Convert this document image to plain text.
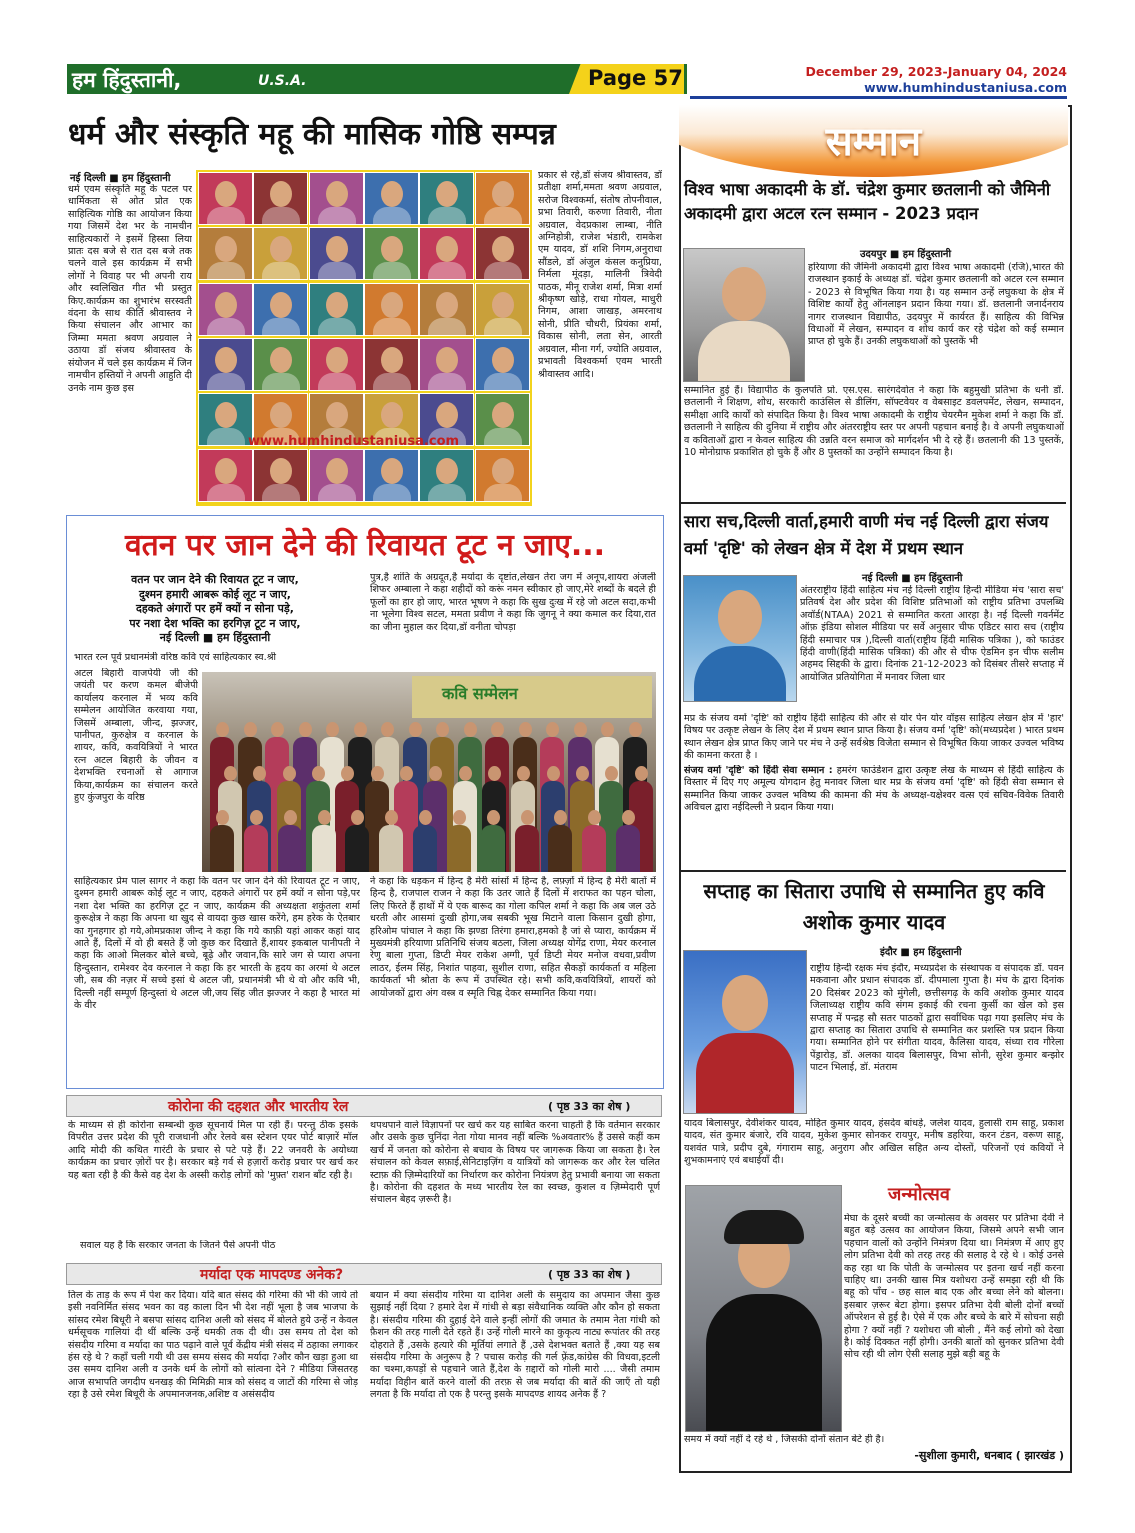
हम हिंदुस्तानी,	U.S.A.	Page 57	December 29, 2023-January 04, 2024
www.humhindustaniusa.com
धर्म और संस्कृति महू की मासिक गोष्ठि सम्पन्न
नई दिल्ली ■ हम हिंदुस्तानी
धर्म एवम संस्कृति महू के पटल पर धार्मिकता से ओत प्रोत एक साहित्यिक गोष्ठि का आयोजन किया गया जिसमें देश भर के नामचीन साहित्यकारों ने इसमें हिस्सा लिया प्रातः दस बजे से रात दस बजे तक चलने वाले इस कार्यक्रम में सभी लोगों ने विवाह पर भी अपनी राय और स्वलिखित गीत भी प्रस्तुत किए.कार्यक्रम का शुभारंभ सरस्वती वंदना के साथ कीर्ति श्रीवास्तव ने किया संचालन और आभार का जिम्मा ममता श्रवण अग्रवाल ने उठाया डॉ संजय श्रीवास्तव के संयोजन में चले इस कार्यक्रम में जिन नामचीन हस्तियों ने अपनी आहुति दी उनके नाम कुछ इस
www.humhindustaniusa.com
प्रकार से रहे,डॉ संजय श्रीवास्तव, डॉ प्रतीक्षा शर्मा,ममता श्रवण अग्रवाल, सरोज विश्वकर्मा, संतोष तोपनीवाल, प्रभा तिवारी, करुणा तिवारी, नीता अग्रवाल, वेदप्रकाश लाम्बा, नीति अग्निहोत्री, राजेश भंडारी, रामकेश एम यादव, डॉ शशि निगम,अनुराधा सौंडले, डॉ अंजुल कंसल कनुप्रिया, निर्मला मूंदड़ा, मालिनी त्रिवेदी पाठक, मीनू राजेश शर्मा, मित्रा शर्मा श्रीकृष्ण खोड़े, राधा गोयल, माधुरी निगम, आशा जाखड़, अमरनाथ सोनी, प्रीति चौधरी, प्रियंका शर्मा, विकास सोनी, लता सेन, आरती अग्रवाल, मीना गर्ग, ज्योति अग्रवाल, प्रभावती विश्वकर्मा एवम भारती श्रीवास्तव आदि।
वतन पर जान देने की रिवायत टूट न जाए...
वतन पर जान देने की रिवायत टूट न जाए,
दुश्मन हमारी आबरू कोई लूट न जाए,
दहकते अंगारों पर हमें क्यों न सोना पड़े,
पर नशा देश भक्ति का हरगिज़ टूट न जाए,
नई दिल्ली ■ हम हिंदुस्तानी
भारत रत्न पूर्व प्रधानमंत्री वरिष्ठ कवि एवं साहित्यकार स्व.श्री
पुत्र,है शांति के अग्रदूत,है मर्यादा के दृष्टांत,लेखन तेरा जग में अनूप,शायरा अंजली शिफर अम्बाला ने कहा शहीदों को करूं नमन स्वीकार हो जाए,मेरे शब्दों के बदले ही फूलों का हार हो जाए, भारत भूषण ने कहा कि सुख दुःख में रहे जो अटल सदा,कभी ना भूलेगा विश्व सटल, ममता प्रवीण ने कहा कि जुगनू ने क्या कमाल कर दिया,रात का जीना मुहाल कर दिया,डॉ वनीता चोपड़ा
अटल बिहारी वाजपेयी जी की जयंती पर करण कमल बीजेपी कार्यालय करनाल में भव्य कवि सम्मेलन आयोजित करवाया गया, जिसमें अम्बाला, जीन्द, झज्जर, पानीपत, कुरुक्षेत्र व करनाल के शायर, कवि, कवयित्रियों ने भारत रत्न अटल बिहारी के जीवन व देशभक्ति रचनाओं से आगाज किया,कार्यक्रम का संचालन करते हुए कुंजपुरा के वरिष्ठ
कवि सम्मेलन
साहित्यकार प्रेम पाल सागर ने कहा कि वतन पर जान देने की रिवायत टूट न जाए, दुश्मन हमारी आबरू कोई लूट न जाए, दहकते अंगारों पर हमें क्यों न सोना पड़े,पर नशा देश भक्ति का हरगिज़ टूट न जाए, कार्यक्रम की अध्यक्षता शकुंतला शर्मा कुरूक्षेत्र ने कहा कि अपना था खुद से वायदा कुछ खास करेंगे, हम हरेक के ऐतबार का गुनहगार हो गये,ओमप्रकाश जीन्द ने कहा कि गये काफ़ी यहां आकर कहां याद आते हैं, दिलों में वो ही बसते हैं जो कुछ कर दिखाते हैं,शायर इकबाल पानीपती ने कहा कि आओ मिलकर बोले बच्चे, बूढ़े और जवान,कि सारे जग से प्यारा अपना हिन्दुस्तान, रामेश्वर देव करनाल ने कहा कि हर भारती के हृदय का अरमां थे अटल जी, सब की नज़र में सच्चे इसां थे अटल जी, प्रधानमंत्री भी थे वो और कवि भी, दिल्ली नहीं सम्पूर्ण हिन्दुस्तां थे अटल जी,जय सिंह जीत झज्जर ने कहा है भारत मां के वीर
ने कहा कि धड़कन में हिन्द है मेरी सांसों में हिन्द है, लफ़्ज़ों में हिन्द है मेरी बातों में हिन्द है, राजपाल राजन ने कहा कि उतर जाते हैं दिलों में शराफत का पहन चोला, लिए फिरते हैं हाथों में ये एक बारूद का गोला कपिल शर्मा ने कहा कि अब जल उठे धरती और आसमां दुःखी होगा,जब सबकी भूख मिटाने वाला किसान दुखी होगा, हरिओम पांचाल ने कहा कि झण्डा तिरंगा हमारा,हमको है जां से प्यारा, कार्यक्रम में मुख्यमंत्री हरियाणा प्रतिनिधि संजय बठला, जिला अध्यक्ष योगेंद्र राणा, मेयर करनाल रेणु बाला गुप्ता, डिप्टी मेयर राकेश अग्गी, पूर्व डिप्टी मेयर मनोज वधवा,प्रवीण लाठर, ईलम सिंह, निशांत पाहवा, सुशील राणा, सहित सैकड़ों कार्यकर्ता व महिला कार्यकर्ता भी श्रोता के रूप में उपस्थित रहे। सभी कवि,कवयित्रियों, शायरों को आयोजकों द्वारा अंग वस्त्र व स्मृति चिह्न देकर सम्मानित किया गया।
कोरोना की दहशत और भारतीय रेल	( पृष्ठ 33 का शेष )
के माध्यम से ही कोरोना सम्बन्धी कुछ सूचनायें मिल पा रही हैं। परन्तु ठीक इसके विपरीत उत्तर प्रदेश की पूरी राजधानी और रेलवे बस स्टेशन एयर पोर्ट बाज़ारें मॉल आदि मोदी की कथित गारंटी के प्रचार से पटे पड़े हैं। 22 जनवरी के अयोध्या कार्यक्रम का प्रचार ज़ोरों पर है। सरकार बड़े गर्व से हज़ारों करोड़ प्रचार पर खर्च कर यह बता रही है की कैसे वह देश के अस्सी करोड़ लोगों को 'मुफ़्त' राशन बाँट रही है।
सवाल यह है कि सरकार जनता के जितने पैसे अपनी पीठ
थपथपाने वाले विज्ञापनों पर खर्च कर यह साबित करना चाहती है कि वर्तमान सरकार और उसके कुछ चुनिंदा नेता गोया मानव नहीं बल्कि %अवतार% हैं उससे कहीं कम खर्च में जनता को कोरोना से बचाव के विषय पर जागरूक किया जा सकता है। रेल संचालन को केवल सफ़ाई,सेनिटाइज़िंग व यात्रियों को जागरूक कर और रेल चलित स्टाफ़ की ज़िम्मेदारियों का निर्धारण कर कोरोना नियंत्रण हेतु प्रभावी बनाया जा सकता है। कोरोना की दहशत के मध्य भारतीय रेल का स्वच्छ, कुशल व ज़िम्मेदारी पूर्ण संचालन बेहद ज़रूरी है।
मर्यादा एक मापदण्ड अनेक?	( पृष्ठ 33 का शेष )
तिल के ताड़ के रूप में पेश कर दिया। यदि बात संसद की गरिमा की भी की जाये तो इसी नवनिर्मित संसद भवन का वह काला दिन भी देश नहीं भूला है जब भाजपा के सांसद रमेश बिधूरी ने बसपा सांसद दानिश अली को संसद में बोलते हुये उन्हें न केवल धर्मसूचक गालियां दी थीं बल्कि उन्हें धमकी तक दी थी। उस समय तो देश को संसदीय गरिमा व मर्यादा का पाठ पढ़ाने वाले पूर्व केंद्रीय मंत्री संसद में ठहाका लगाकर हंस रहे थे ? कहाँ चली गयी थी उस समय संसद की मर्यादा ?और कौन खड़ा हुआ था उस समय दानिश अली व उनके धर्म के लोगों को सांत्वना देने ? मीडिया जिसतरह आज सभापति जगदीप धनखड़ की मिमिक्री मात्र को संसद व जाटों की गरिमा से जोड़ रहा है उसे रमेश बिधूरी के अपमानजनक,अशिष्ट व असंसदीय
बयान में क्या संसदीय गरिमा या दानिश अली के समुदाय का अपमान जैसा कुछ सुझाई नहीं दिया ? हमारे देश में गांधी से बड़ा संवैधानिक व्यक्ति और कौन हो सकता है। संसदीय गरिमा की दुहाई देने वाले इन्हीं लोगों की जमात के तमाम नेता गांधी को फ़ैशन की तरह गाली देते रहते हैं। उन्हें गोली मारने का कुकृत्य नाट्य रूपांतर की तरह दोहराते हैं ,उसके हत्यारे की मूर्तियां लगाते हैं ,उसे देशभक्त बताते हैं ,क्या यह सब संसदीय गरिमा के अनुरूप है ? पचास करोड़ की गर्ल फ़्रेंड,कांग्रेस की विधवा,इटली का चश्मा,कपड़ों से पहचाने जाते हैं,देश के ग़द्दारों को गोली मारो .... जैसी तमाम मर्यादा विहीन बातें करने वालों की तरफ़ से जब मर्यादा की बातें की जाएँ तो यही लगता है कि मर्यादा तो एक है परन्तु इसके मापदण्ड शायद अनेक हैं ?
सम्मान
विश्व भाषा अकादमी के डॉ. चंद्रेश कुमार छतलानी को जैमिनी अकादमी द्वारा अटल रत्न सम्मान - 2023 प्रदान
उदयपुर ■ हम हिंदुस्तानी
हरियाणा की जैमिनी अकादमी द्वारा विश्व भाषा अकादमी (रजि),भारत की राजस्थान इकाई के अध्यक्ष डॉ. चंद्रेश कुमार छतलानी को अटल रत्न सम्मान - 2023 से विभूषित किया गया है। यह सम्मान उन्हें लघुकथा के क्षेत्र में विशिष्ट कार्यों हेतु ऑनलाइन प्रदान किया गया। डॉ. छतलानी जनार्दनराय नागर राजस्थान विद्यापीठ, उदयपुर में कार्यरत हैं। साहित्य की विभिन्न विधाओं में लेखन, सम्पादन व शोध कार्य कर रहे चंद्रेश को कई सम्मान प्राप्त हो चुके हैं। उनकी लघुकथाओं को पुस्तकें भी
सम्मानित हुई हैं। विद्यापीठ के कुलपति प्रो. एस.एस. सारंगदेवोत ने कहा कि बहुमुखी प्रतिभा के धनी डॉ. छतलानी ने शिक्षण, शोध, सरकारी काउंसिल से डीलिंग, सॉफ्टवेयर व वेबसाइट डवलपमेंट, लेखन, सम्पादन, समीक्षा आदि कार्यों को संपादित किया है। विश्व भाषा अकादमी के राष्ट्रीय चेयरमैन मुकेश शर्मा ने कहा कि डॉ. छतलानी ने साहित्य की दुनिया में राष्ट्रीय और अंतरराष्ट्रीय स्तर पर अपनी पहचान बनाई है। वे अपनी लघुकथाओं व कविताओं द्वारा न केवल साहित्य की उन्नति वरन समाज को मार्गदर्शन भी दे रहे हैं। छतलानी की 13 पुस्तकें, 10 मोनोग्राफ प्रकाशित हो चुके हैं और 8 पुस्तकों का उन्होंने सम्पादन किया है।
सारा सच,दिल्ली वार्ता,हमारी वाणी मंच नई दिल्ली द्वारा संजय वर्मा 'दृष्टि' को लेखन क्षेत्र में देश में प्रथम स्थान
नई दिल्ली ■ हम हिंदुस्तानी
अंतरराष्ट्रीय हिंदी साहित्य मंच नई दिल्ली राष्ट्रीय हिन्दी मीडिया मंच 'सारा सच' प्रतिवर्ष देश और प्रदेश की विशिष्ट प्रतिभाओं को राष्ट्रीय प्रतिभा उपलब्धि अवॉर्ड(NTAA) 2021 से सम्मानित करता आरहा है। नई दिल्ली गवर्नमेंट ऑफ़ इंडिया सोशल मीडिया पर सर्वे अनुसार चीफ एडिटर सारा सच (राष्ट्रीय हिंदी समाचार पत्र ),दिल्ली वार्ता(राष्ट्रीय हिंदी मासिक पत्रिका ), को फाउंडर हिंदी वाणी(हिंदी मासिक पत्रिका) की और से चीफ ऐडमिन इन चीफ सलीम अहमद सिद्दकी के द्वारा। दिनांक 21-12-2023 को दिसंबर तीसरे सप्ताह में आयोजित प्रतियोगिता में मनावर जिला धार
मप्र के संजय वर्मा 'दृष्टि' को राष्ट्रीय हिंदी साहित्य की और से योर पेन योर वॉइस साहित्य लेखन क्षेत्र में 'हार' विषय पर उत्कृष्ट लेखन के लिए देश में प्रथम स्थान प्राप्त किया है। संजय वर्मा 'दृष्टि' को(मध्यप्रदेश ) भारत प्रथम स्थान लेखन क्षेत्र प्राप्त किए जाने पर मंच ने उन्हें सर्वश्रेष्ठ विजेता सम्मान से विभूषित किया जाकर उज्वल भविष्य की कामना करता है ।
संजय वर्मा 'दृष्टि' को हिंदी सेवा सम्मान : हमरंग फाउंडेशन द्वारा उत्कृष्ट लेख के माध्यम से हिंदी साहित्य के विस्तार में दिए गए अमूल्य योगदान हेतु मनावर जिला धार मप्र के संजय वर्मा 'दृष्टि' को हिंदी सेवा सम्मान से सम्मानित किया जाकर उज्वल भविष्य की कामना की मंच के अध्यक्ष-यक्षेश्वर वत्स एवं सचिव-विवेक तिवारी अविचल द्वारा नईदिल्ली ने प्रदान किया गया।
सप्ताह का सितारा उपाधि से सम्मानित हुए कवि अशोक कुमार यादव
इंदौर ■ हम हिंदुस्तानी
राष्ट्रीय हिन्दी रक्षक मंच इंदौर, मध्यप्रदेश के संस्थापक व संपादक डॉ. पवन मकवाना और प्रधान संपादक डॉ. दीपमाला गुप्ता है। मंच के द्वारा दिनांक 20 दिसंबर 2023 को मुंगेली, छत्तीसगढ़ के कवि अशोक कुमार यादव जिलाध्यक्ष राष्ट्रीय कवि संगम इकाई की रचना कुर्सी का खेल को इस सप्ताह में पन्द्रह सौ सतर पाठकों द्वारा सर्वाधिक पढ़ा गया इसलिए मंच के द्वारा सप्ताह का सितारा उपाधि से सम्मानित कर प्रशस्ति पत्र प्रदान किया गया। सम्मानित होने पर संगीता यादव, कैलिसा यादव, संध्या राव गौरेला पेंड्रारोड़, डॉ. अलका यादव बिलासपुर, विभा सोनी, सुरेश कुमार बन्झोर पाटन भिलाई, डॉ. मंतराम
यादव बिलासपुर, देवीशंकर यादव, मोहित कुमार यादव, हंसदेव बांधड़े, जलेश यादव, हुलासी राम साहू, प्रकाश यादव, संत कुमार बंजारे, रवि यादव, मुकेश कुमार सोनकर रायपुर, मनीष डहरिया, करन टंडन, वरूण साहू, यशवंत पात्रे, प्रदीप दुबे, गंगाराम साहू, अनुराग और अखिल सहित अन्य दोस्तों, परिजनों एवं कवियों ने शुभकामनाएं एवं बधाईयाँ दी।
जन्मोत्सव
मेघा के दूसरे बच्ची का जन्मोत्सव के अवसर पर प्रतिभा देवी ने बहुत बड़े उत्सव का आयोजन किया, जिसमे अपने सभी जान पहचान वालों को उन्होंने निमंत्रण दिया था। निमंत्रण में आए हुए लोग प्रतिभा देवी को तरह तरह की सलाह दे रहे थे । कोई उनसे कह रहा था कि पोती के जन्मोत्सव पर इतना खर्च नहीं करना चाहिए था। उनकी खास मित्र यशोधरा उन्हें समझा रही थी कि बहू को पाँच - छह साल बाद एक और बच्चा लेने को बोलना। इसबार ज़रूर बेटा होगा। इसपर प्रतिभा देवी बोली दोनों बच्चों ऑपरेशन से हुई है। ऐसे में एक और बच्चे के बारे में सोचना सही होगा ? क्यों नहीं ? यशोधरा जी बोली , मैंने कई लोगो को देखा है। कोई दिक्कत नहीं होगी। उनकी बातों को सुनकर प्रतिभा देवी सोच रही थी लोग ऐसी सलाह मुझे बड़ी बहू के
समय में क्यों नहीं दे रहे थे , जिसकी दोनों संतान बेटे ही है।
-सुशीला कुमारी, धनबाद ( झारखंड )
